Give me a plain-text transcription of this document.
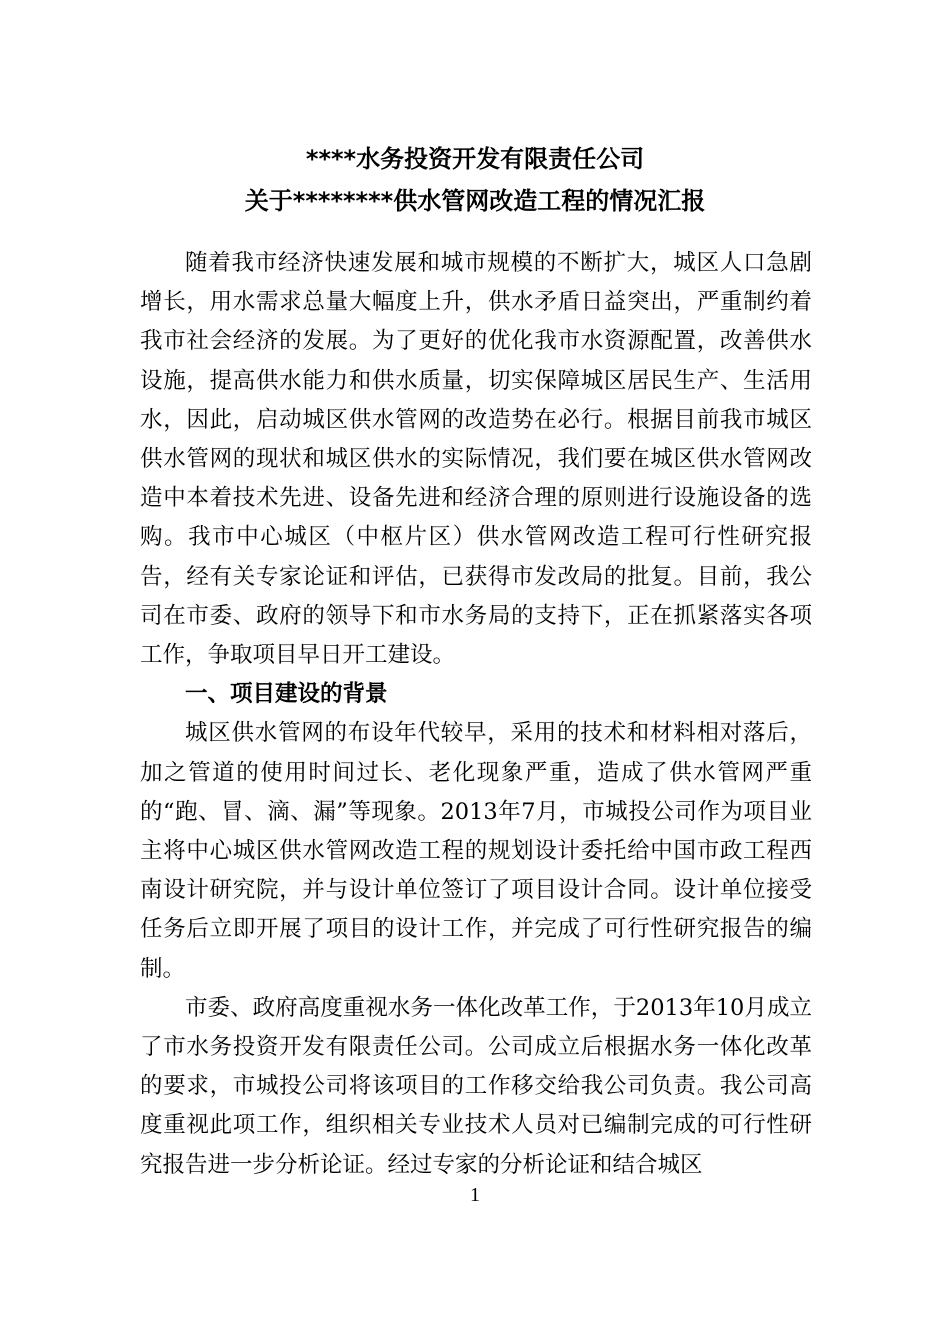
****水务投资开发有限责任公司
关于********供水管网改造工程的情况汇报

随着我市经济快速发展和城市规模的不断扩大，城区人口急剧增长，用水需求总量大幅度上升，供水矛盾日益突出，严重制约着我市社会经济的发展。为了更好的优化我市水资源配置，改善供水设施，提高供水能力和供水质量，切实保障城区居民生产、生活用水，因此，启动城区供水管网的改造势在必行。根据目前我市城区供水管网的现状和城区供水的实际情况，我们要在城区供水管网改造中本着技术先进、设备先进和经济合理的原则进行设施设备的选购。我市中心城区（中枢片区）供水管网改造工程可行性研究报告，经有关专家论证和评估，已获得市发改局的批复。目前，我公司在市委、政府的领导下和市水务局的支持下，正在抓紧落实各项工作，争取项目早日开工建设。

一、项目建设的背景

城区供水管网的布设年代较早，采用的技术和材料相对落后，加之管道的使用时间过长、老化现象严重，造成了供水管网严重的“跑、冒、滴、漏”等现象。2013年7月，市城投公司作为项目业主将中心城区供水管网改造工程的规划设计委托给中国市政工程西南设计研究院，并与设计单位签订了项目设计合同。设计单位接受任务后立即开展了项目的设计工作，并完成了可行性研究报告的编制。

市委、政府高度重视水务一体化改革工作，于2013年10月成立了市水务投资开发有限责任公司。公司成立后根据水务一体化改革的要求，市城投公司将该项目的工作移交给我公司负责。我公司高度重视此项工作，组织相关专业技术人员对已编制完成的可行性研究报告进一步分析论证。经过专家的分析论证和结合城区

1
